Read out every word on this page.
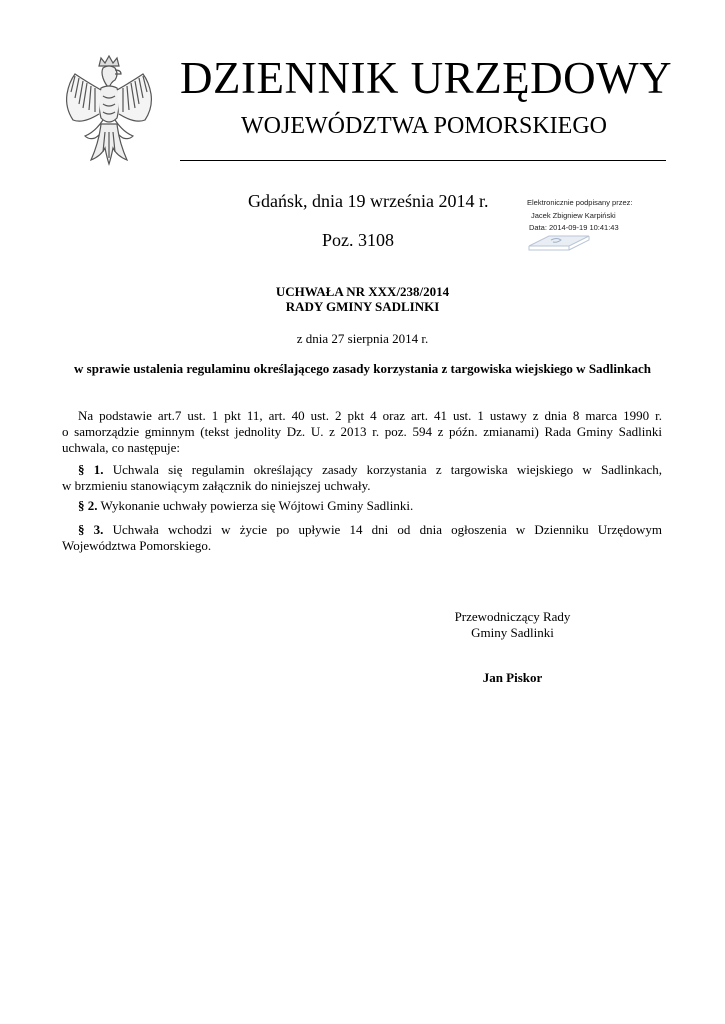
DZIENNIK URZĘDOWY
WOJEWÓDZTWA POMORSKIEGO
Gdańsk, dnia 19 września 2014 r.
Poz. 3108
Elektronicznie podpisany przez:
Jacek Zbigniew Karpiński
Data: 2014-09-19 10:41:43
UCHWAŁA NR XXX/238/2014
RADY GMINY SADLINKI
z dnia 27 sierpnia 2014 r.
w sprawie ustalenia regulaminu określającego zasady korzystania z targowiska wiejskiego w Sadlinkach
Na podstawie art.7 ust. 1 pkt 11, art. 40 ust. 2 pkt 4 oraz art. 41 ust. 1 ustawy z dnia 8 marca 1990 r.
o samorządzie gminnym (tekst jednolity Dz. U. z 2013 r. poz. 594 z późn. zmianami) Rada Gminy Sadlinki
uchwala, co następuje:
§ 1. Uchwala się regulamin określający zasady korzystania z targowiska wiejskiego w Sadlinkach,
w brzmieniu stanowiącym załącznik do niniejszej uchwały.
§ 2. Wykonanie uchwały powierza się Wójtowi Gminy Sadlinki.
§ 3. Uchwała wchodzi w życie po upływie 14 dni od dnia ogłoszenia w Dzienniku Urzędowym
Województwa Pomorskiego.
Przewodniczący Rady
Gminy Sadlinki
Jan Piskor
